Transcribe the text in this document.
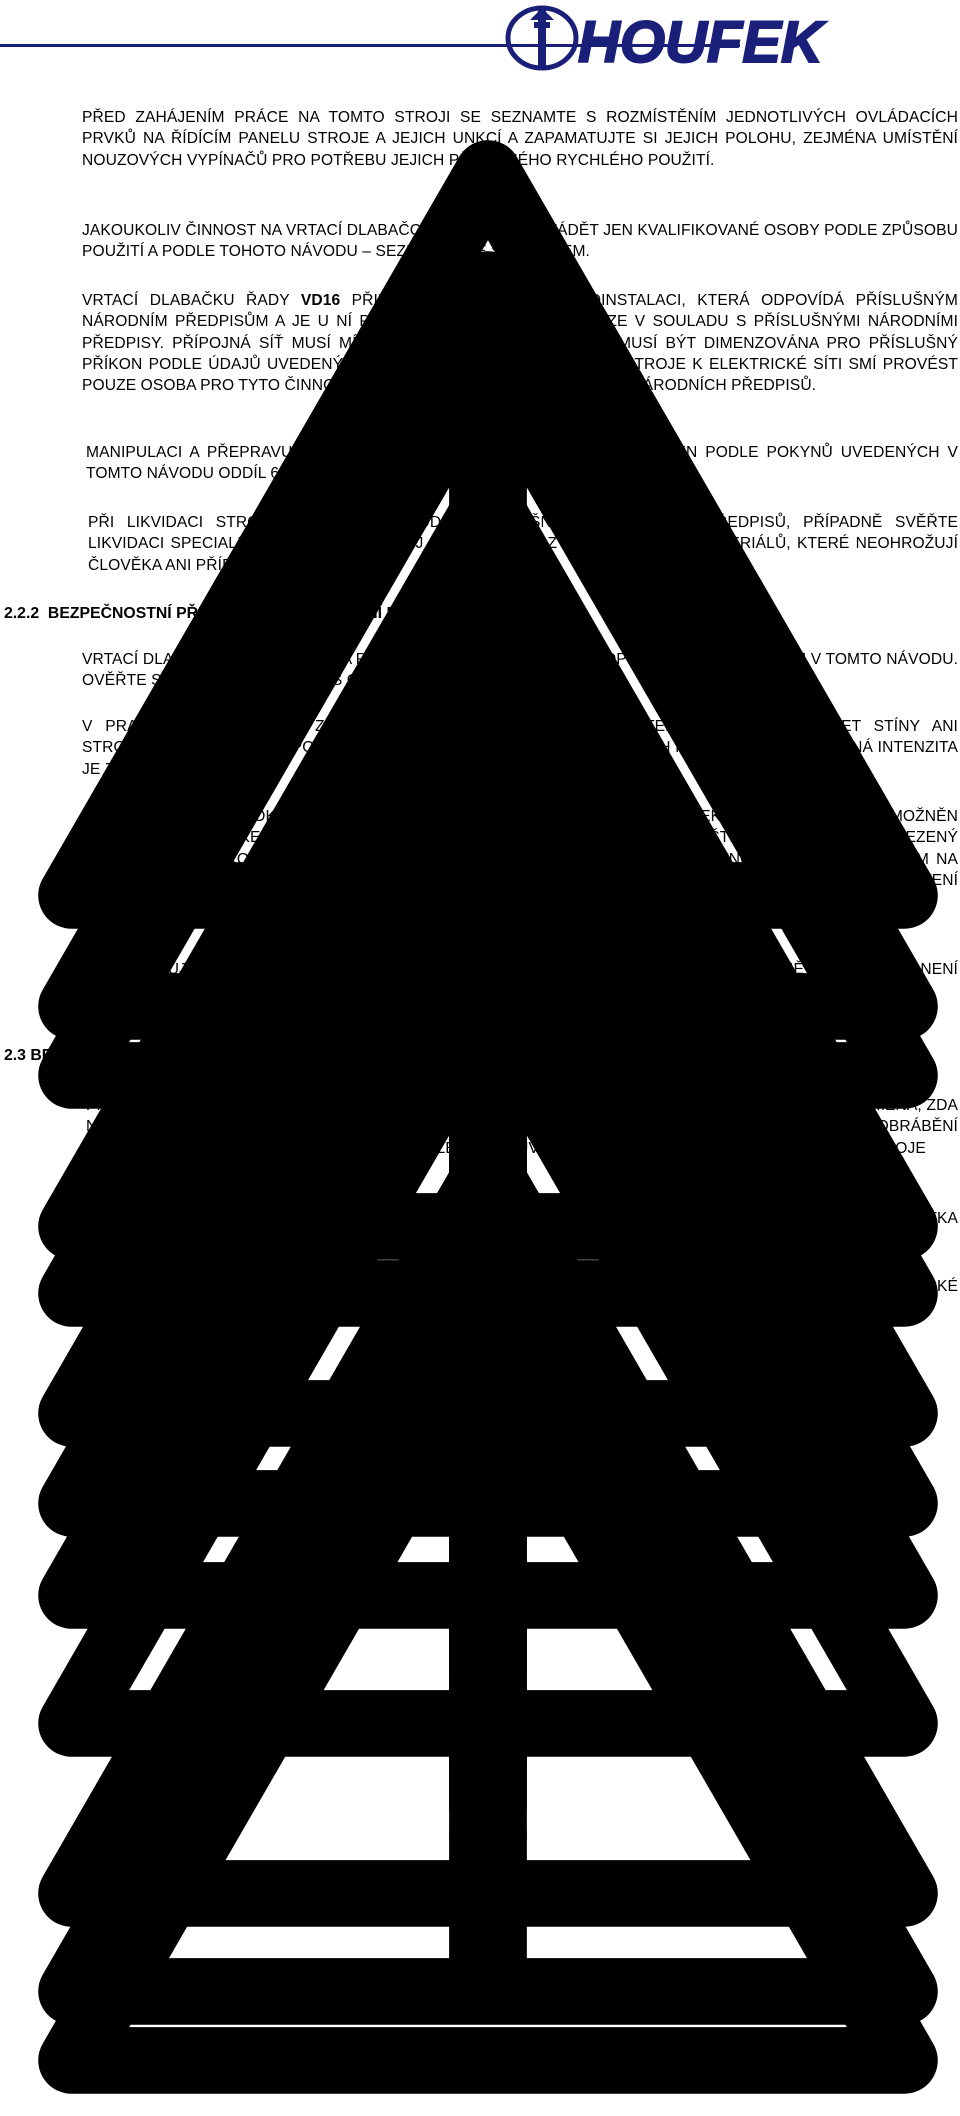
HOUFEK
PŘED ZAHÁJENÍM PRÁCE NA TOMTO STROJI SE SEZNAMTE S ROZMÍSTĚNÍM JEDNOTLIVÝCH OVLÁDACÍCH PRVKŮ NA ŘÍDÍCÍM PANELU STROJE A JEJICH UNKCÍ A ZAPAMATUJTE SI JEJICH POLOHU, ZEJMÉNA UMÍSTĚNÍ NOUZOVÝCH VYPÍNAČŮ PRO POTŘEBU JEJICH PŘÍPADNÉHO RYCHLÉHO POUŽITÍ.
JAKOUKOLIV ČINNOST NA VRTACÍ DLABAČCE VD16 SMÍ PROVÁDĚT JEN KVALIFIKOVANÉ OSOBY PODLE ZPŮSOBU POUŽITÍ A PODLE TOHOTO NÁVODU – SEZNAMTE SE S NÁVODEM.
VRTACÍ DLABAČKU ŘADY VD16 PŘIPOJTE POUZE K ELEKTROINSTALACI, KTERÁ ODPOVÍDÁ PŘÍSLUŠNÝM NÁRODNÍM PŘEDPISŮM A JE U NÍ PROVÁDĚNA PRAVIDELNÁ REVIZE V SOULADU S PŘÍSLUŠNÝMI NÁRODNÍMI PŘEDPISY. PŘÍPOJNÁ SÍŤ MUSÍ MÍT SHODNÉ PŘÍPOJNÉ NAPĚTÍ A MUSÍ BÝT DIMENZOVÁNA PRO PŘÍSLUŠNÝ PŘÍKON PODLE ÚDAJŮ UVEDENÝCH NA ŠTÍTKU STROJE. PŘIPOJENÍ STROJE K ELEKTRICKÉ SÍTI SMÍ PROVÉST POUZE OSOBA PRO TYTO ČINNOSTI ZPŮSOBILÁ PODLE PŘÍSLUŠNÝCH NÁRODNÍCH PŘEDPISŮ.
MANIPULACI A PŘEPRAVU VRTACÍ DLABAČKY ŘADY VD16 PROVÁDĚJTE JEN PODLE POKYNŮ UVEDENÝCH V TOMTO NÁVODU ODDÍL 6. DOPRAVA, MANIPULACE, SKLADOVÁNÍ
PŘI LIKVIDACI STROJE POSTUPUJTE PODLE PŘÍSLUŠNÝCH NÁRODNÍCH PŘEDPISŮ, PŘÍPADNĚ SVĚŘTE LIKVIDACI SPECIALISOVANÉ FIRMĚ. STROJ JE ZHOTOVEN Z KOMPONENTŮ A MATERIÁLŮ, KTERÉ NEOHROŽUJÍ ČLOVĚKA ANI PŘÍRODU.
2.2.2 BEZPEČNOSTNÍ PŘEDPISY PRO PRACOVNÍ MÍSTO
VRTACÍ DLABAČKU INSTALUJTE NA ROVNÝ ZÁKLAD V SOULADU S DOPORUČENÍM UVEDENÝM V TOMTO NÁVODU. OVĚŘTE SI NOSNOST PODLAHY S OHLEDEM NA HMOTNOST STROJE.
V PRACOVNÍM PROSTORU ZAJISTĚTE DOSTATEČNÉ OSVĚTLENÍ, KTERÉ NEBUDE VYTVÁŘET STÍNY ANI STROBOSKOPICKÝ EFEKT. POSTUPUJTE PODLE PŘÍSLUŠNÝCH NÁRODNÍCH PŘEDPISŮ. POŽADOVANÁ INTENZITA JE ZPRAVIDLA 500 LX
PRACOVNÍ PROSTOR OKOLO STROJE MUSÍ BÝT VOLNÝ, BEZ JAKÝCHKOLIV PŘEKÁŽEK, TAK ABY BYL UMOŽNĚN OKAMŽITÝ PŘÍSTUP KE VŠEM OVLÁDACÍM PRVKŮM STROJE A ZÁROVEŇ BYL ZAJIŠTĚN BEZPEČNÝ A NEOMEZENÝ POHYB OBSLUHY KOLEM STROJE. JEHO VELIKOST PŘED A ZA STROJEM JE NUTNO UPRAVIT S OHLEDEM NA VELIKOST OBROBKŮ, MOŽNOST PROVÁDĚNÍ ÚDRŽBY A CELKOVÉ PROSTOROVÉ UMÍSTĚNÍ. PŘI USTAVENÍ STROJE DODRŽUJTE ZÁSADY UVEDENÉ V ČÁSTI 7.1 USTAVENÍ STROJE.
ZKONTROLUJTE, ZDA NA PRACOVNÍM STOLE STROJE NEJSOU ODLOŽENY ŽÁDNÉ PŘEDMĚTY A POVRCH NENÍ ZNEČIŠTĚNÝ. JE ZAKÁZÁNO POUŽÍVAT STROJ K ODKLÁDÁNÍ PŘEDMĚTŮ A OBROBKŮ
2.3 BEZPEČNOSTNÍ PŘEDPISY PRO OBSLUHU STROJE
PŘED ZAHÁJENÍM PRÁCE VŽDY PROVÁDĚJTE PRAVIDELNOU KONTROLU STROJE. KONTROLUJTE ZEJMÉNA, ZDA NENÍ POŠKOZENO UPÍNACÍ SKLÍČIDLO A ZDA JE SPRÁVNĚ UPEVNĚN DLABACÍ VRTÁK. PRO OBRÁBĚNÍ POUŽÍVEJTE KVALITNÍ DLABACÍ VRTÁKY, PODLE ZÁSAD UVEDENÝCH V ČÁSTI 5.1 TECHNICKÉ ÚDAJE STROJE
PŘED ZAHÁJENÍM PRÁCE ZKONTROLUJTE FUNKCI NOUZOVÉHO ZASTAVENÍ STROJE STISKEM TLAČÍTKA NOUZOVÉHO ZASTAVENÍ STOP.
ČIŠTĚNÍ, KONTROLY, ÚDRŽBU A OPRAVY STROJE PROVÁDĚJTE VŽDY PŘI STROJI ODPOJENÉM OD ELEKTRICKÉ SÍTĚ Z TOHO DŮVODU, ABY NEMOHLO DOJÍT K ZAPNUTÍ STROJE DALŠÍ OSOBOU.
6
